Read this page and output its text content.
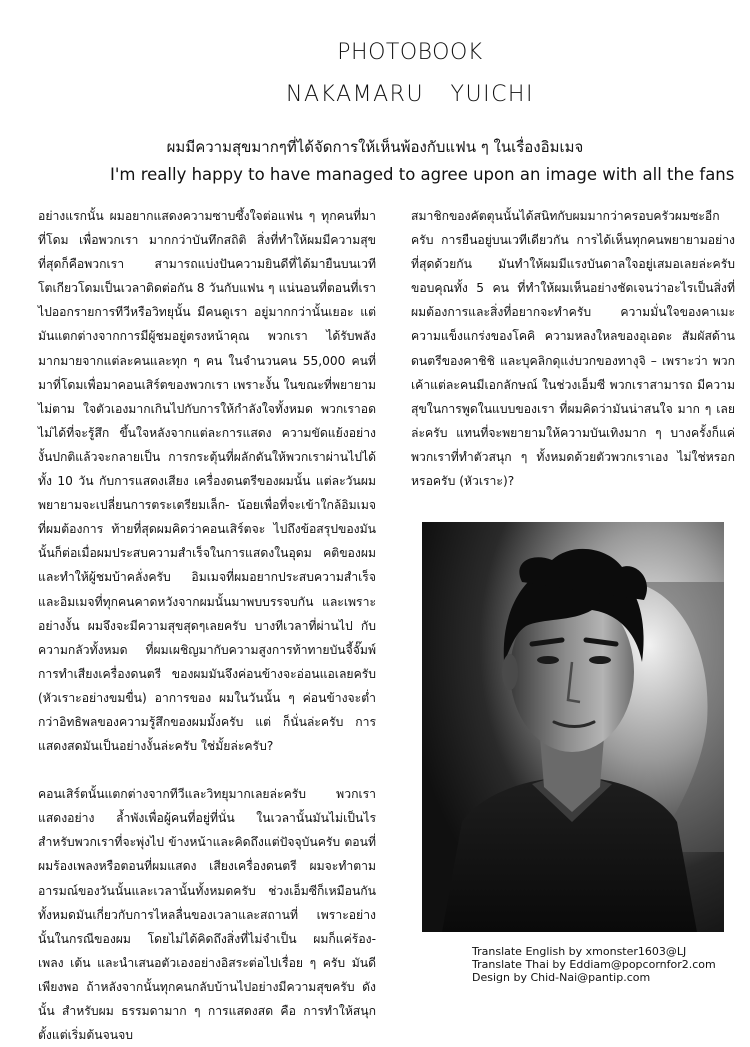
PHOTOBOOK
NAKAMARU YUICHI
ผมมีความสุขมากๆที่ได้จัดการให้เห็นพ้องกับแฟน ๆ ในเรื่องอิมเมจ
I'm really happy to have managed to agree upon an image with all the fans

อย่างแรกนั้น ผมอยากแสดงความซาบซึ้งใจต่อแฟน ๆ ทุกคนที่มาที่โดม เพื่อพวกเรา มากกว่าบันทึกสถิติ สิ่งที่ทำให้ผมมีความสุขที่สุดก็คือพวกเรา สามารถแบ่งปันความยินดีที่ได้มายืนบนเวทีโตเกียวโดมเป็นเวลาติดต่อกัน 8 วันกับแฟน ๆ แน่นอนที่ตอนที่เราไปออกรายการทีวีหรือวิทยุนั้น มีคนดูเรา อยู่มากกว่านั้นเยอะ แต่มันแตกต่างจากการมีผู้ชมอยู่ตรงหน้าคุณ พวกเรา ได้รับพลังมากมายจากแต่ละคนและทุก ๆ คน ในจำนวนคน 55,000 คนที่ มาที่โดมเพื่อมาคอนเสิร์ตของพวกเรา เพราะงั้น ในขณะที่พยายามไม่ตาม ใจตัวเองมากเกินไปกับการให้กำลังใจทั้งหมด พวกเราอดไม่ได้ที่จะรู้สึก ขึ้นใจหลังจากแต่ละการแสดง ความขัดแย้งอย่างงั้นปกติแล้วจะกลายเป็น การกระตุ้นที่ผลักดันให้พวกเราผ่านไปได้ทั้ง 10 วัน กับการแสดงเสียง เครื่องดนตรีของผมนั้น แต่ละวันผมพยายามจะเปลี่ยนการตระเตรียมเล็ก- น้อยเพื่อที่จะเข้าใกล้อิมเมจที่ผมต้องการ ท้ายที่สุดผมคิดว่าคอนเสิร์ตจะ ไปถึงข้อสรุปของมันนั้นก็ต่อเมื่อผมประสบความสำเร็จในการแสดงในอุดม คติของผมและทำให้ผู้ชมบ้าคลั่งครับ อิมเมจที่ผมอยากประสบความสำเร็จ และอิมเมจที่ทุกคนคาดหวังจากผมนั้นมาพบบรรจบกัน และเพราะอย่างงั้น ผมจึงจะมีความสุขสุดๆเลยครับ บางทีเวลาที่ผ่านไป กับความกลัวทั้งหมด ที่ผมเผชิญมากับความสูงการท้าทายบันจี้จั๊มพ์ การทำเสียงเครื่องดนตรี ของผมมันจึงค่อนข้างจะอ่อนแอเลยครับ (หัวเราะอย่างขมขื่น) อาการของ ผมในวันนั้น ๆ ค่อนข้างจะต่ำกว่าอิทธิพลของความรู้สึกของผมมั้งครับ แต่ ก็นั่นล่ะครับ การแสดงสดมันเป็นอย่างงั้นล่ะครับ ใช่มั้ยล่ะครับ?

คอนเสิร์ตนั้นแตกต่างจากทีวีและวิทยุมากเลยล่ะครับ พวกเราแสดงอย่าง ล้ำพังเพื่อผู้คนที่อยู่ที่นั่น ในเวลานั้นมันไม่เป็นไรสำหรับพวกเราที่จะพุ่งไป ข้างหน้าและคิดถึงแต่ปัจจุบันครับ ตอนที่ผมร้องเพลงหรือตอนที่ผมแสดง เสียงเครื่องดนตรี ผมจะทำตามอารมณ์ของวันนั้นและเวลานั้นทั้งหมดครับ ช่วงเอ็มซีก็เหมือนกัน ทั้งหมดมันเกี่ยวกับการไหลลื่นของเวลาและสถานที่ เพราะอย่างนั้นในกรณีของผม โดยไม่ได้คิดถึงสิ่งที่ไม่จำเป็น ผมก็แค่ร้อง- เพลง เต้น และนำเสนอตัวเองอย่างอิสระต่อไปเรื่อย ๆ ครับ มันดีเพียงพอ ถ้าหลังจากนั้นทุกคนกลับบ้านไปอย่างมีความสุขครับ ดังนั้น สำหรับผม ธรรมดามาก ๆ การแสดงสด คือ การทำให้สนุกตั้งแต่เริ่มต้นจนจบ

สมาชิกของคัตตุนนั้นได้สนิทกับผมมากว่าครอบครัวผมซะอีก ครับ การยืนอยู่บนเวทีเดียวกัน การได้เห็นทุกคนพยายามอย่าง ที่สุดด้วยกัน มันทำให้ผมมีแรงบันดาลใจอยู่เสมอเลยล่ะครับ ขอบคุณทั้ง 5 คน ที่ทำให้ผมเห็นอย่างชัดเจนว่าอะไรเป็นสิ่งที่ ผมต้องการและสิ่งที่อยากจะทำครับ ความมั่นใจของคาเมะ ความแข็งแกร่งของโคคิ ความหลงใหลของอุเอดะ สัมผัสด้าน ดนตรีของคาชิชิ และบุคลิกดุแง่บวกของทางุจิ – เพราะว่า พวกเค้าแต่ละคนมีเอกลักษณ์ ในช่วงเอ็มซี พวกเราสามารถ มีความสุขในการพูดในแบบของเรา ที่ผมคิดว่ามันน่าสนใจ มาก ๆ เลยล่ะครับ แทนที่จะพยายามให้ความบันเทิงมาก ๆ บางครั้งก็แค่พวกเราที่ทำตัวสนุก ๆ ทั้งหมดด้วยตัวพวกเราเอง ไม่ใช่หรอกหรอครับ (หัวเราะ)?

Translate English by xmonster1603@LJ
Translate Thai by Eddiam@popcornfor2.com
Design by Chid-Nai@pantip.com
